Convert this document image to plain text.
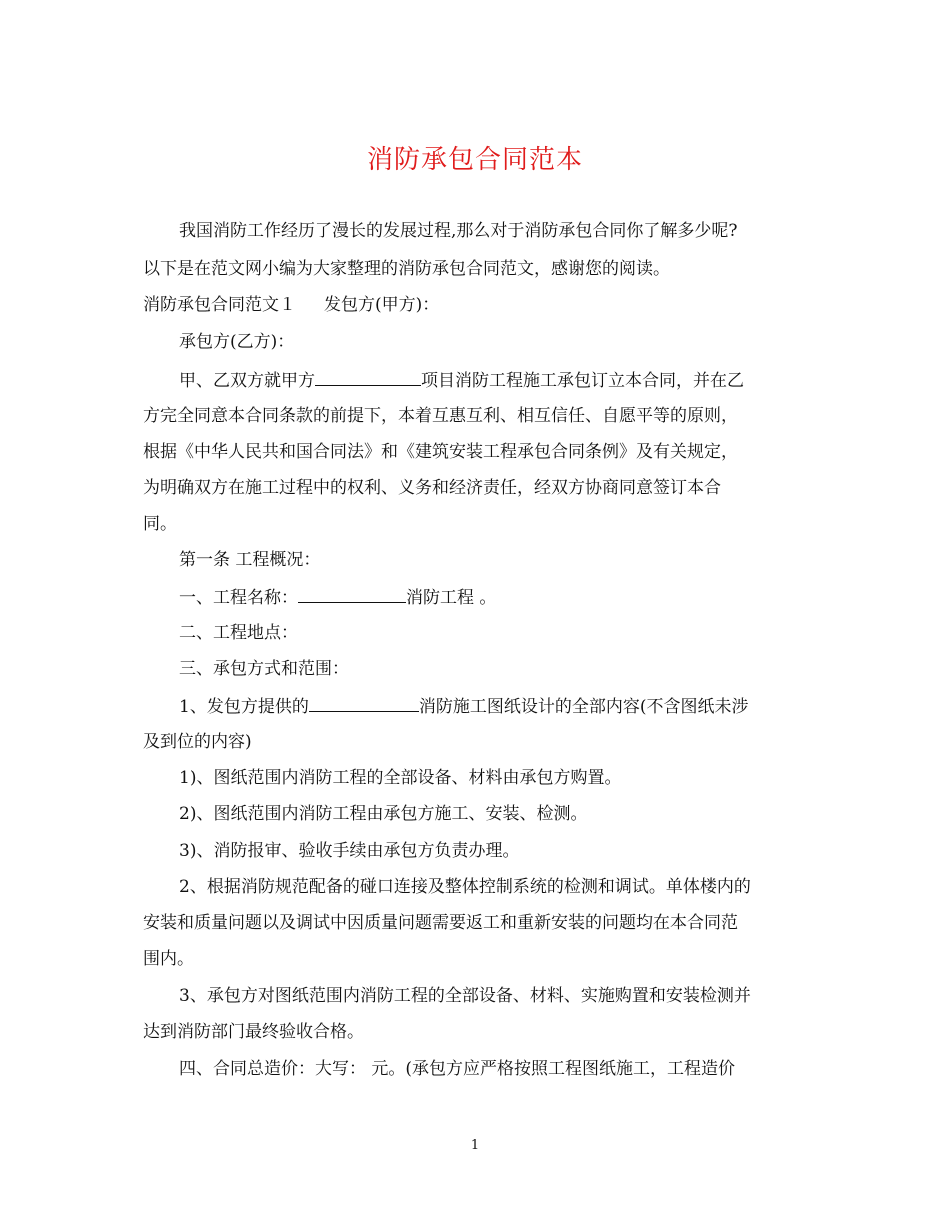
消防承包合同范本
我国消防工作经历了漫长的发展过程,那么对于消防承包合同你了解多少呢?
以下是在范文网小编为大家整理的消防承包合同范文，感谢您的阅读。
消防承包合同范文１ 发包方(甲方)：
承包方(乙方)：
甲、乙双方就甲方	项目消防工程施工承包订立本合同，并在乙
方完全同意本合同条款的前提下，本着互惠互利、相互信任、自愿平等的原则，
根据《中华人民共和国合同法》和《建筑安装工程承包合同条例》及有关规定，
为明确双方在施工过程中的权利、义务和经济责任，经双方协商同意签订本合
同。
第一条 工程概况：
一、工程名称：	消防工程 。
二、工程地点：
三、承包方式和范围：
1、发包方提供的	消防施工图纸设计的全部内容(不含图纸未涉
及到位的内容)
1)、图纸范围内消防工程的全部设备、材料由承包方购置。
2)、图纸范围内消防工程由承包方施工、安装、检测。
3)、消防报审、验收手续由承包方负责办理。
2、根据消防规范配备的碰口连接及整体控制系统的检测和调试。单体楼内的
安装和质量问题以及调试中因质量问题需要返工和重新安装的问题均在本合同范
围内。
3、承包方对图纸范围内消防工程的全部设备、材料、实施购置和安装检测并
达到消防部门最终验收合格。
四、合同总造价：大写： 元。(承包方应严格按照工程图纸施工，工程造价
1
